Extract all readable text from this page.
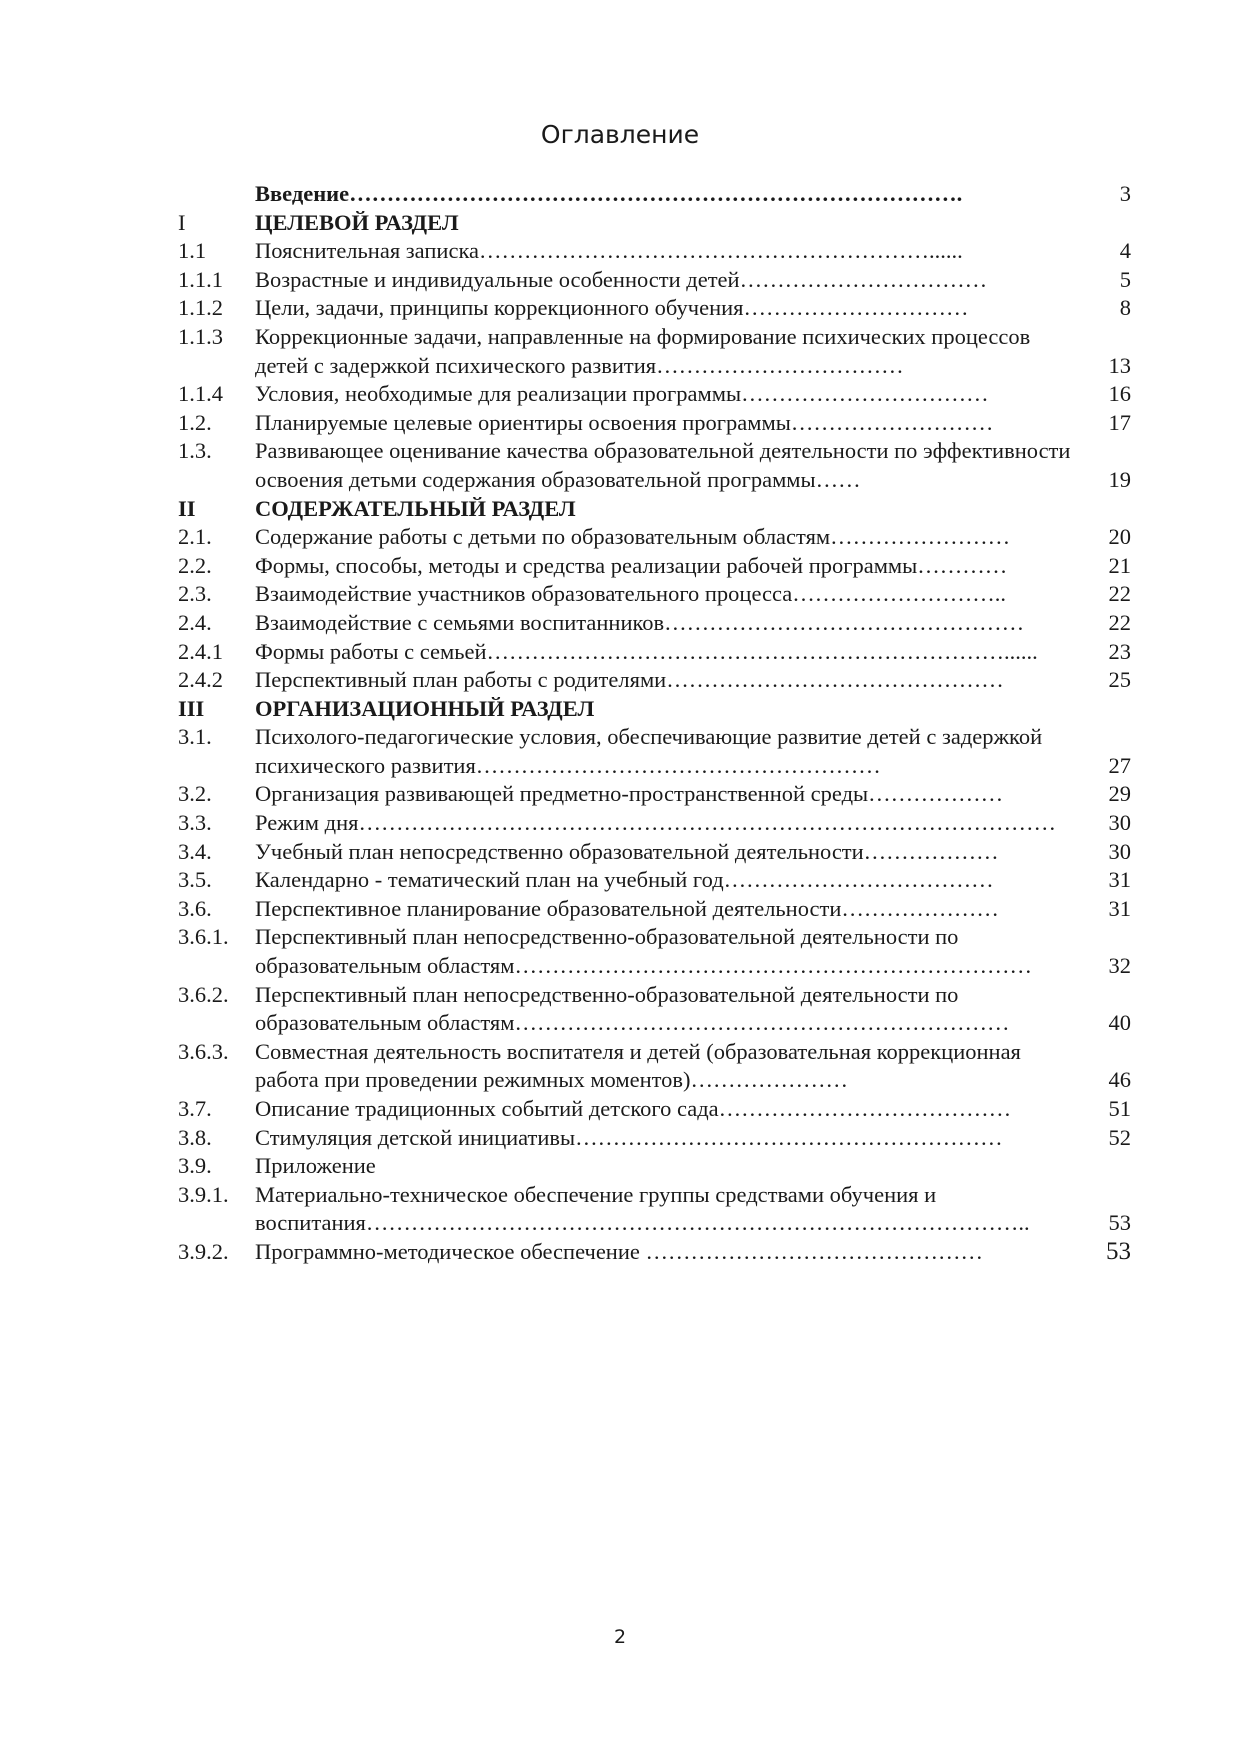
Оглавление
Введение……………………………………………………………………….	3
I	ЦЕЛЕВОЙ РАЗДЕЛ
1.1	Пояснительная записка……………………………………………………......	4
1.1.1	Возрастные и индивидуальные особенности детей……………………………	5
1.1.2	Цели, задачи, принципы коррекционного обучения…………………………	8
1.1.3	Коррекционные задачи, направленные на формирование психических процессов детей с задержкой психического развития……………………………	13
1.1.4	Условия, необходимые для реализации программы……………………………	16
1.2.	Планируемые целевые ориентиры освоения программы………………………	17
1.3.	Развивающее оценивание качества образовательной деятельности по эффективности освоения детьми содержания образовательной программы……	19
II	СОДЕРЖАТЕЛЬНЫЙ РАЗДЕЛ
2.1.	Содержание работы с детьми по образовательным областям……………………	20
2.2.	Формы, способы, методы и средства реализации рабочей программы…………	21
2.3.	Взаимодействие участников образовательного процесса………………………..	22
2.4.	Взаимодействие с семьями воспитанников…………………………………………	22
2.4.1	Формы работы с семьей……………………………………………………………......	23
2.4.2	Перспективный план работы с родителями………………………………………	25
III	ОРГАНИЗАЦИОННЫЙ РАЗДЕЛ
3.1.	Психолого-педагогические условия, обеспечивающие развитие детей с задержкой психического развития………………………………………………	27
3.2.	Организация развивающей предметно-пространственной среды………………	29
3.3.	Режим дня…………………………………………………………………………………	30
3.4.	Учебный план непосредственно образовательной деятельности………………	30
3.5.	Календарно - тематический план на учебный год………………………………	31
3.6.	Перспективное планирование образовательной деятельности…………………	31
3.6.1.	Перспективный план непосредственно-образовательной деятельности по образовательным областям……………………………………………………………	32
3.6.2.	Перспективный план непосредственно-образовательной деятельности по образовательным областям…………………………………………………………	40
3.6.3.	Совместная деятельность воспитателя и детей (образовательная коррекционная работа при проведении режимных моментов)…………………	46
3.7.	Описание традиционных событий детского сада…………………………………	51
3.8.	Стимуляция детской инициативы…………………………………………………	52
3.9.	Приложение
3.9.1.	Материально-техническое обеспечение группы средствами обучения и воспитания……………………………………………………………………………..	53
3.9.2.	Программно-методическое обеспечение ………………………………………	53
2
